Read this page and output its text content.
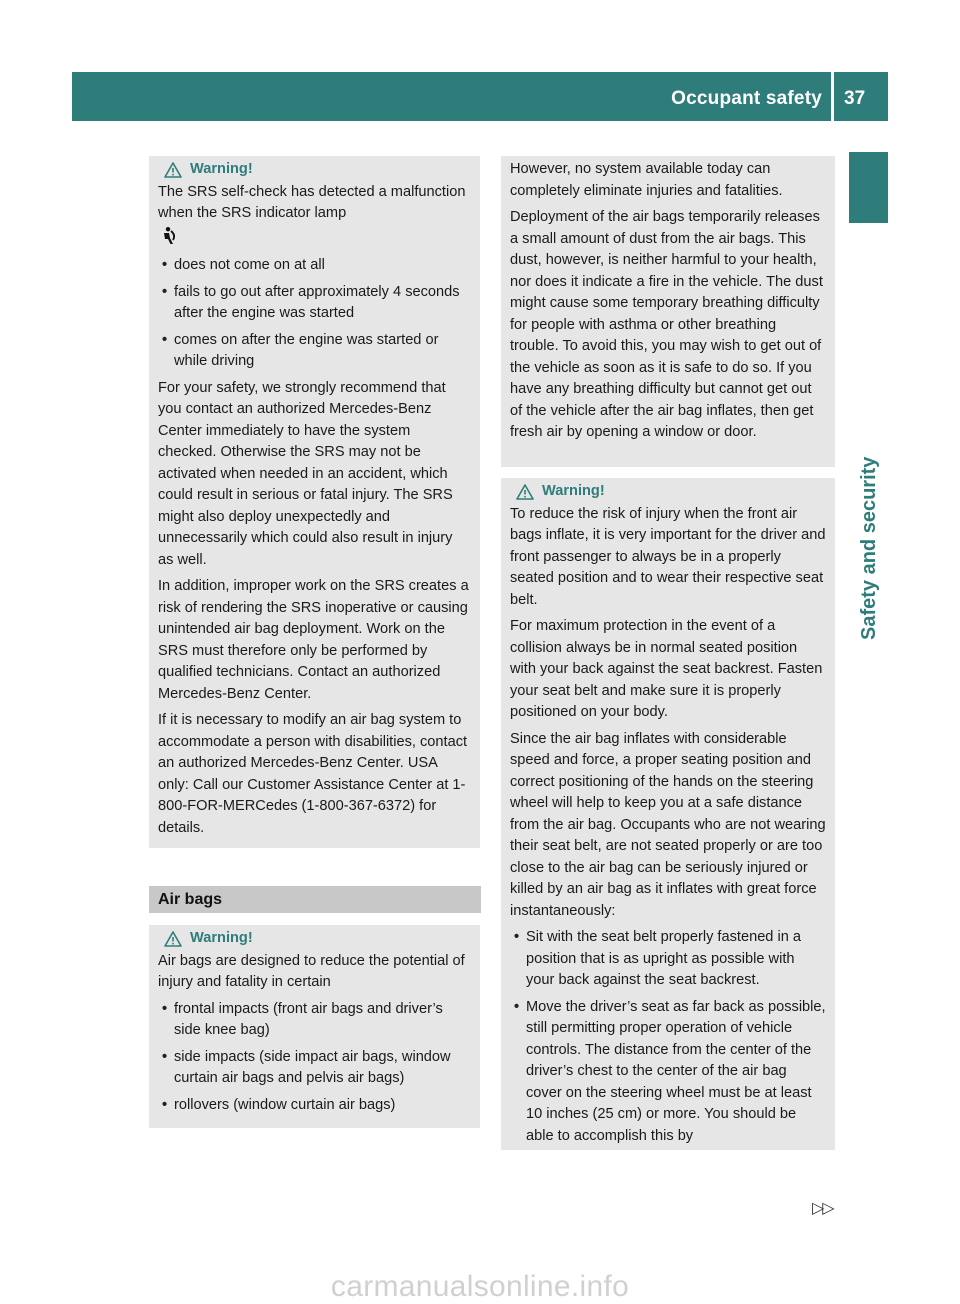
Occupant safety 37
Safety and security
Warning!

The SRS self-check has detected a malfunction when the SRS indicator lamp

• does not come on at all
• fails to go out after approximately 4 seconds after the engine was started
• comes on after the engine was started or while driving

For your safety, we strongly recommend that you contact an authorized Mercedes-Benz Center immediately to have the system checked. Otherwise the SRS may not be activated when needed in an accident, which could result in serious or fatal injury. The SRS might also deploy unexpectedly and unnecessarily which could also result in injury as well.

In addition, improper work on the SRS creates a risk of rendering the SRS inoperative or causing unintended air bag deployment. Work on the SRS must therefore only be performed by qualified technicians. Contact an authorized Mercedes-Benz Center.

If it is necessary to modify an air bag system to accommodate a person with disabilities, contact an authorized Mercedes-Benz Center. USA only: Call our Customer Assistance Center at 1-800-FOR-MERCedes (1-800-367-6372) for details.

Air bags
Warning!

Air bags are designed to reduce the potential of injury and fatality in certain

• frontal impacts (front air bags and driver’s side knee bag)
• side impacts (side impact air bags, window curtain air bags and pelvis air bags)
• rollovers (window curtain air bags)

However, no system available today can completely eliminate injuries and fatalities.

Deployment of the air bags temporarily releases a small amount of dust from the air bags. This dust, however, is neither harmful to your health, nor does it indicate a fire in the vehicle. The dust might cause some temporary breathing difficulty for people with asthma or other breathing trouble. To avoid this, you may wish to get out of the vehicle as soon as it is safe to do so. If you have any breathing difficulty but cannot get out of the vehicle after the air bag inflates, then get fresh air by opening a window or door.

Warning!

To reduce the risk of injury when the front air bags inflate, it is very important for the driver and front passenger to always be in a properly seated position and to wear their respective seat belt.

For maximum protection in the event of a collision always be in normal seated position with your back against the seat backrest. Fasten your seat belt and make sure it is properly positioned on your body.

Since the air bag inflates with considerable speed and force, a proper seating position and correct positioning of the hands on the steering wheel will help to keep you at a safe distance from the air bag. Occupants who are not wearing their seat belt, are not seated properly or are too close to the air bag can be seriously injured or killed by an air bag as it inflates with great force instantaneously:

• Sit with the seat belt properly fastened in a position that is as upright as possible with your back against the seat backrest.
• Move the driver’s seat as far back as possible, still permitting proper operation of vehicle controls. The distance from the center of the driver’s chest to the center of the air bag cover on the steering wheel must be at least 10 inches (25 cm) or more. You should be able to accomplish this by
▷▷
carmanualsonline.info
